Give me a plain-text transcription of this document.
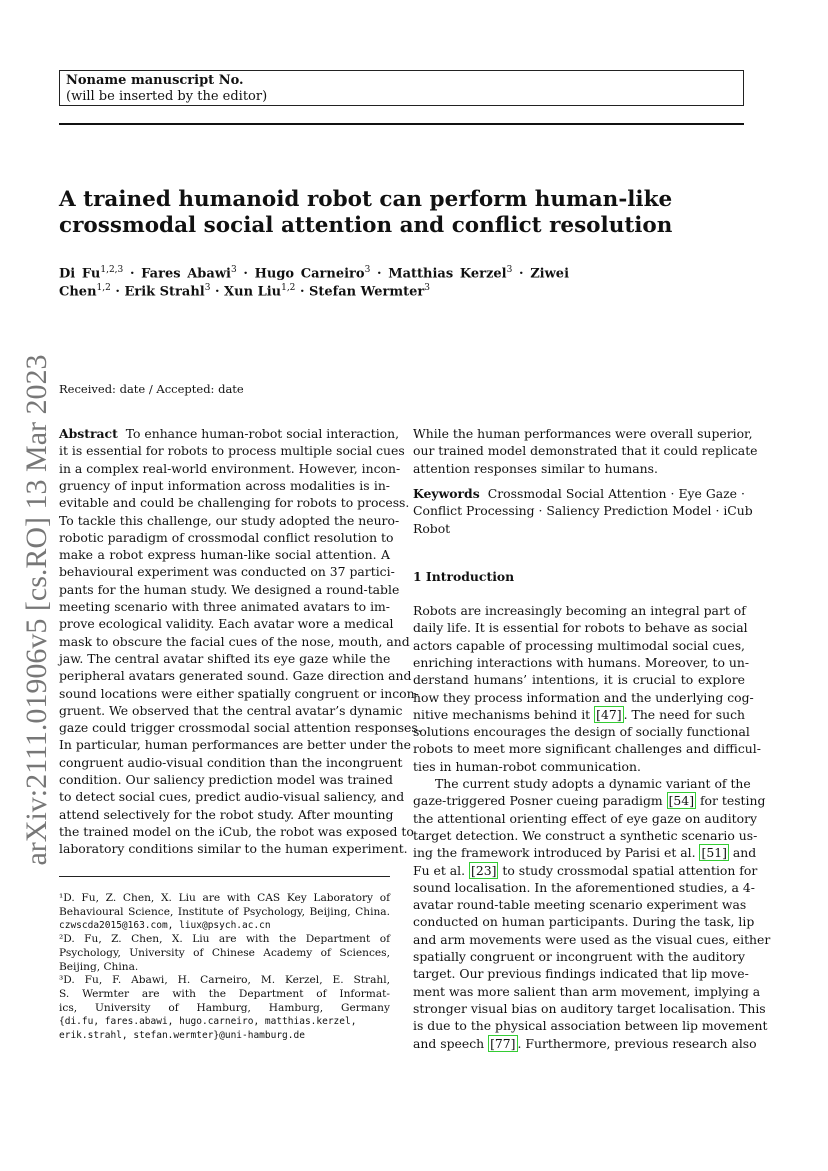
Noname manuscript No.
(will be inserted by the editor)
A trained humanoid robot can perform human-like crossmodal social attention and conflict resolution
Di Fu$^{1,2,3}$ · Fares Abawi$^3$ · Hugo Carneiro$^3$ · Matthias Kerzel$^3$ · Ziwei
Chen$^{1,2}$ · Erik Strahl$^3$ · Xun Liu$^{1,2}$ · Stefan Wermter$^3$
Received: date / Accepted: date
arXiv:2111.01906v5 [cs.RO] 13 Mar 2023 Abstract  To enhance human-robot social interaction,
it is essential for robots to process multiple social cues
in a complex real-world environment. However, incon-
gruency of input information across modalities is in-
evitable and could be challenging for robots to process.
To tackle this challenge, our study adopted the neuro-
robotic paradigm of crossmodal conflict resolution to
make a robot express human-like social attention. A
behavioural experiment was conducted on 37 partici-
pants for the human study. We designed a round-table
meeting scenario with three animated avatars to im-
prove ecological validity. Each avatar wore a medical
mask to obscure the facial cues of the nose, mouth, and
jaw. The central avatar shifted its eye gaze while the
peripheral avatars generated sound. Gaze direction and
sound locations were either spatially congruent or incon-
gruent. We observed that the central avatar’s dynamic
gaze could trigger crossmodal social attention responses.
In particular, human performances are better under the
congruent audio-visual condition than the incongruent
condition. Our saliency prediction model was trained
to detect social cues, predict audio-visual saliency, and
attend selectively for the robot study. After mounting
the trained model on the iCub, the robot was exposed to
laboratory conditions similar to the human experiment.
While the human performances were overall superior,
our trained model demonstrated that it could replicate
attention responses similar to humans.
Keywords  Crossmodal Social Attention · Eye Gaze ·
Conflict Processing · Saliency Prediction Model · iCub
Robot
Robots are increasingly becoming an integral part of
daily life. It is essential for robots to behave as social
actors capable of processing multimodal social cues,
enriching interactions with humans. Moreover, to un-
derstand humans’ intentions, it is crucial to explore
how they process information and the underlying cog-
nitive mechanisms behind it [47] . The need for such
solutions encourages the design of socially functional
robots to meet more significant challenges and difficul-
ties in human-robot communication.
The current study adopts a dynamic variant of the
gaze-triggered Posner cueing paradigm [54] for testing
the attentional orienting effect of eye gaze on auditory
target detection. We construct a synthetic scenario us-
ing the framework introduced by Parisi et al. [51] and
Fu et al. [23] to study crossmodal spatial attention for
sound localisation. In the aforementioned studies, a 4-
avatar round-table meeting scenario experiment was
conducted on human participants. During the task, lip
and arm movements were used as the visual cues, either
spatially congruent or incongruent with the auditory
target. Our previous findings indicated that lip move-
ment was more salient than arm movement, implying a
stronger visual bias on auditory target localisation. This
is due to the physical association between lip movement
and speech [77] . Furthermore, previous research also
1 Introduction
¹D. Fu, Z. Chen, X. Liu are with CAS Key Laboratory of
Behavioural Science, Institute of Psychology, Beijing, China.
czwscda2015@163.com, liux@psych.ac.cn
²D. Fu, Z. Chen, X. Liu are with the Department of
Psychology, University of Chinese Academy of Sciences,
Beijing, China.
³D. Fu, F. Abawi, H. Carneiro, M. Kerzel, E. Strahl,
S. Wermter are with the Department of Informat-
ics, University of Hamburg, Hamburg, Germany
{di.fu, fares.abawi, hugo.carneiro, matthias.kerzel,
erik.strahl, stefan.wermter}@uni-hamburg.de
